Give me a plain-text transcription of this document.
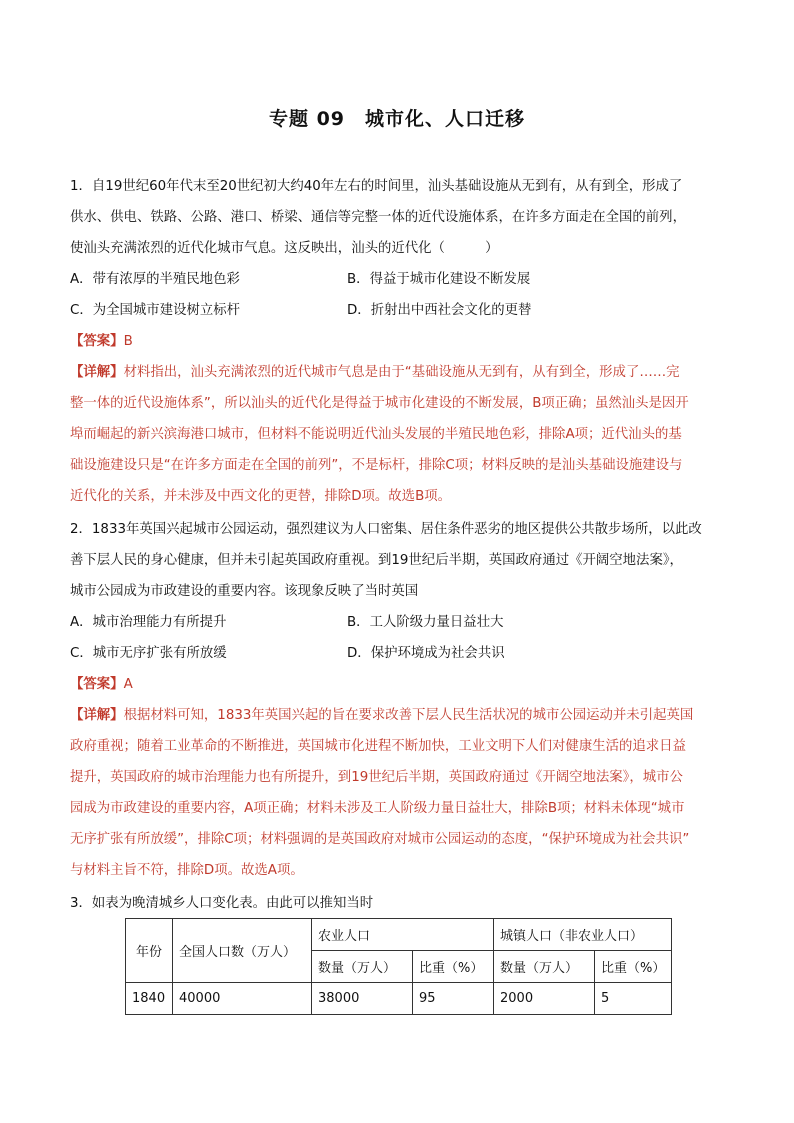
专题 09　城市化、人口迁移

1．自19世纪60年代末至20世纪初大约40年左右的时间里，汕头基础设施从无到有，从有到全，形成了

供水、供电、铁路、公路、港口、桥梁、通信等完整一体的近代设施体系，在许多方面走在全国的前列，

使汕头充满浓烈的近代化城市气息。这反映出，汕头的近代化（　　　）

A．带有浓厚的半殖民地色彩	B．得益于城市化建设不断发展
C．为全国城市建设树立标杆	D．折射出中西社会文化的更替

【答案】B

【详解】材料指出，汕头充满浓烈的近代城市气息是由于“基础设施从无到有，从有到全，形成了……完

整一体的近代设施体系”，所以汕头的近代化是得益于城市化建设的不断发展，B项正确；虽然汕头是因开

埠而崛起的新兴滨海港口城市，但材料不能说明近代汕头发展的半殖民地色彩，排除A项；近代汕头的基

础设施建设只是“在许多方面走在全国的前列”，不是标杆，排除C项；材料反映的是汕头基础设施建设与

近代化的关系，并未涉及中西文化的更替，排除D项。故选B项。

2．1833年英国兴起城市公园运动，强烈建议为人口密集、居住条件恶劣的地区提供公共散步场所，以此改

善下层人民的身心健康，但并未引起英国政府重视。到19世纪后半期，英国政府通过《开阔空地法案》，

城市公园成为市政建设的重要内容。该现象反映了当时英国

A．城市治理能力有所提升	B．工人阶级力量日益壮大
C．城市无序扩张有所放缓	D．保护环境成为社会共识

【答案】A

【详解】根据材料可知，1833年英国兴起的旨在要求改善下层人民生活状况的城市公园运动并未引起英国

政府重视；随着工业革命的不断推进，英国城市化进程不断加快，工业文明下人们对健康生活的追求日益

提升，英国政府的城市治理能力也有所提升，到19世纪后半期，英国政府通过《开阔空地法案》，城市公

园成为市政建设的重要内容，A项正确；材料未涉及工人阶级力量日益壮大，排除B项；材料未体现“城市

无序扩张有所放缓”，排除C项；材料强调的是英国政府对城市公园运动的态度，“保护环境成为社会共识”

与材料主旨不符，排除D项。故选A项。

3．如表为晚清城乡人口变化表。由此可以推知当时

年份	全国人口数（万人）	农业人口		城镇人口（非农业人口）	
		数量（万人）	比重（%）	数量（万人）	比重（%）
1840	40000	38000	95	2000	5
